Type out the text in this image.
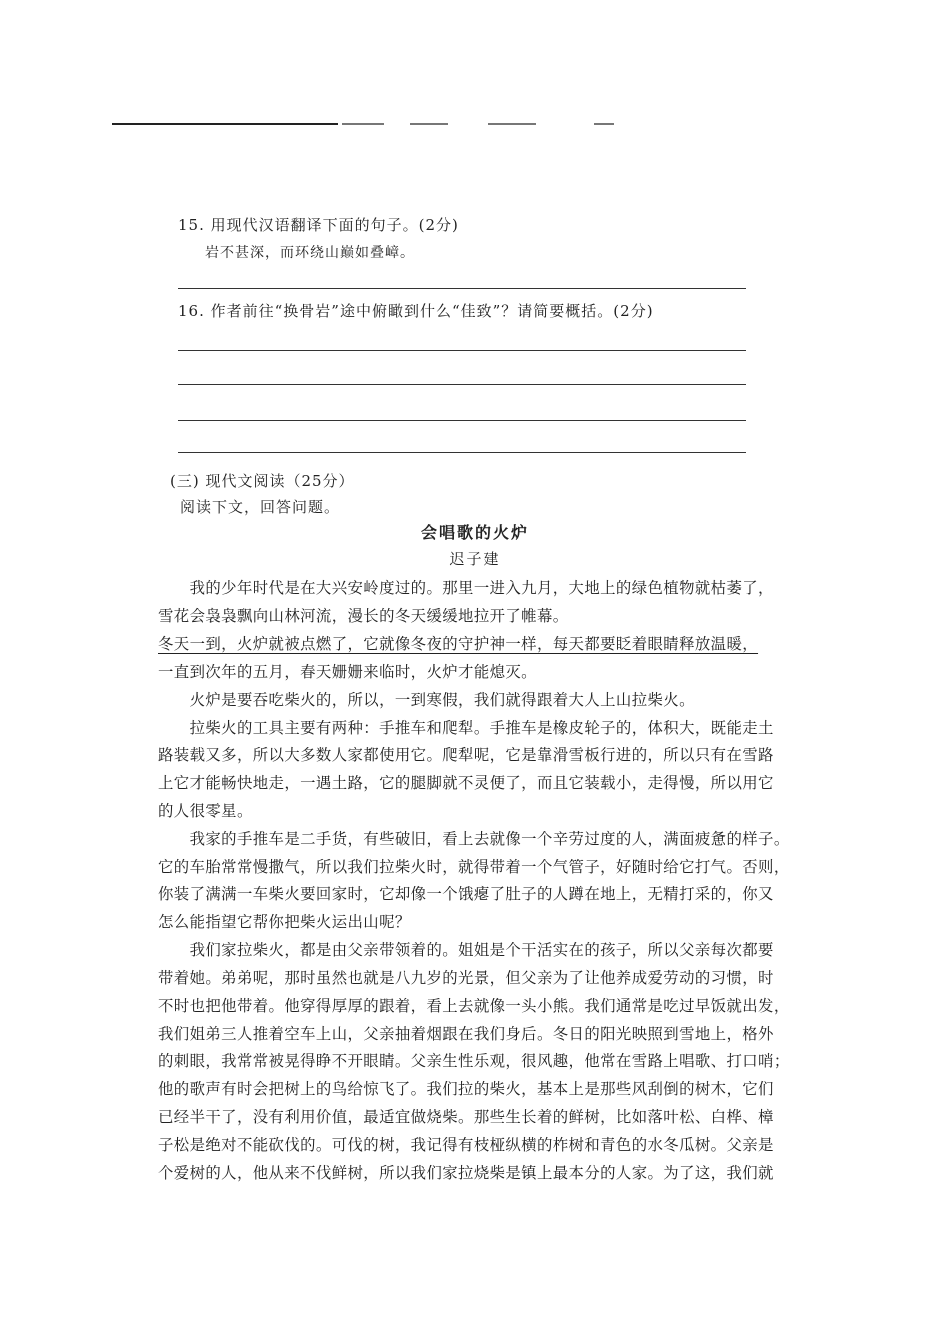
15. 用现代汉语翻译下面的句子。(2分)
岩不甚深，而环绕山巅如叠嶂。
16. 作者前往“换骨岩”途中俯瞰到什么“佳致”？请简要概括。(2分)
(三) 现代文阅读（25分）
阅读下文，回答问题。
会唱歌的火炉
迟子建
　　我的少年时代是在大兴安岭度过的。那里一进入九月，大地上的绿色植物就枯萎了，
雪花会袅袅飘向山林河流，漫长的冬天缓缓地拉开了帷幕。
冬天一到，火炉就被点燃了，它就像冬夜的守护神一样，每天都要眨着眼睛释放温暖，
一直到次年的五月，春天姗姗来临时，火炉才能熄灭。
　　火炉是要吞吃柴火的，所以，一到寒假，我们就得跟着大人上山拉柴火。
　　拉柴火的工具主要有两种：手推车和爬犁。手推车是橡皮轮子的，体积大，既能走土
路装载又多，所以大多数人家都使用它。爬犁呢，它是靠滑雪板行进的，所以只有在雪路
上它才能畅快地走，一遇土路，它的腿脚就不灵便了，而且它装载小，走得慢，所以用它
的人很零星。
　　我家的手推车是二手货，有些破旧，看上去就像一个辛劳过度的人，满面疲惫的样子。
它的车胎常常慢撒气，所以我们拉柴火时，就得带着一个气管子，好随时给它打气。否则，
你装了满满一车柴火要回家时，它却像一个饿瘪了肚子的人蹲在地上，无精打采的，你又
怎么能指望它帮你把柴火运出山呢？
　　我们家拉柴火，都是由父亲带领着的。姐姐是个干活实在的孩子，所以父亲每次都要
带着她。弟弟呢，那时虽然也就是八九岁的光景，但父亲为了让他养成爱劳动的习惯，时
不时也把他带着。他穿得厚厚的跟着，看上去就像一头小熊。我们通常是吃过早饭就出发，
我们姐弟三人推着空车上山，父亲抽着烟跟在我们身后。冬日的阳光映照到雪地上，格外
的刺眼，我常常被晃得睁不开眼睛。父亲生性乐观，很风趣，他常在雪路上唱歌、打口哨；
他的歌声有时会把树上的鸟给惊飞了。我们拉的柴火，基本上是那些风刮倒的树木，它们
已经半干了，没有利用价值，最适宜做烧柴。那些生长着的鲜树，比如落叶松、白桦、樟
子松是绝对不能砍伐的。可伐的树，我记得有枝桠纵横的柞树和青色的水冬瓜树。父亲是
个爱树的人，他从来不伐鲜树，所以我们家拉烧柴是镇上最本分的人家。为了这，我们就
